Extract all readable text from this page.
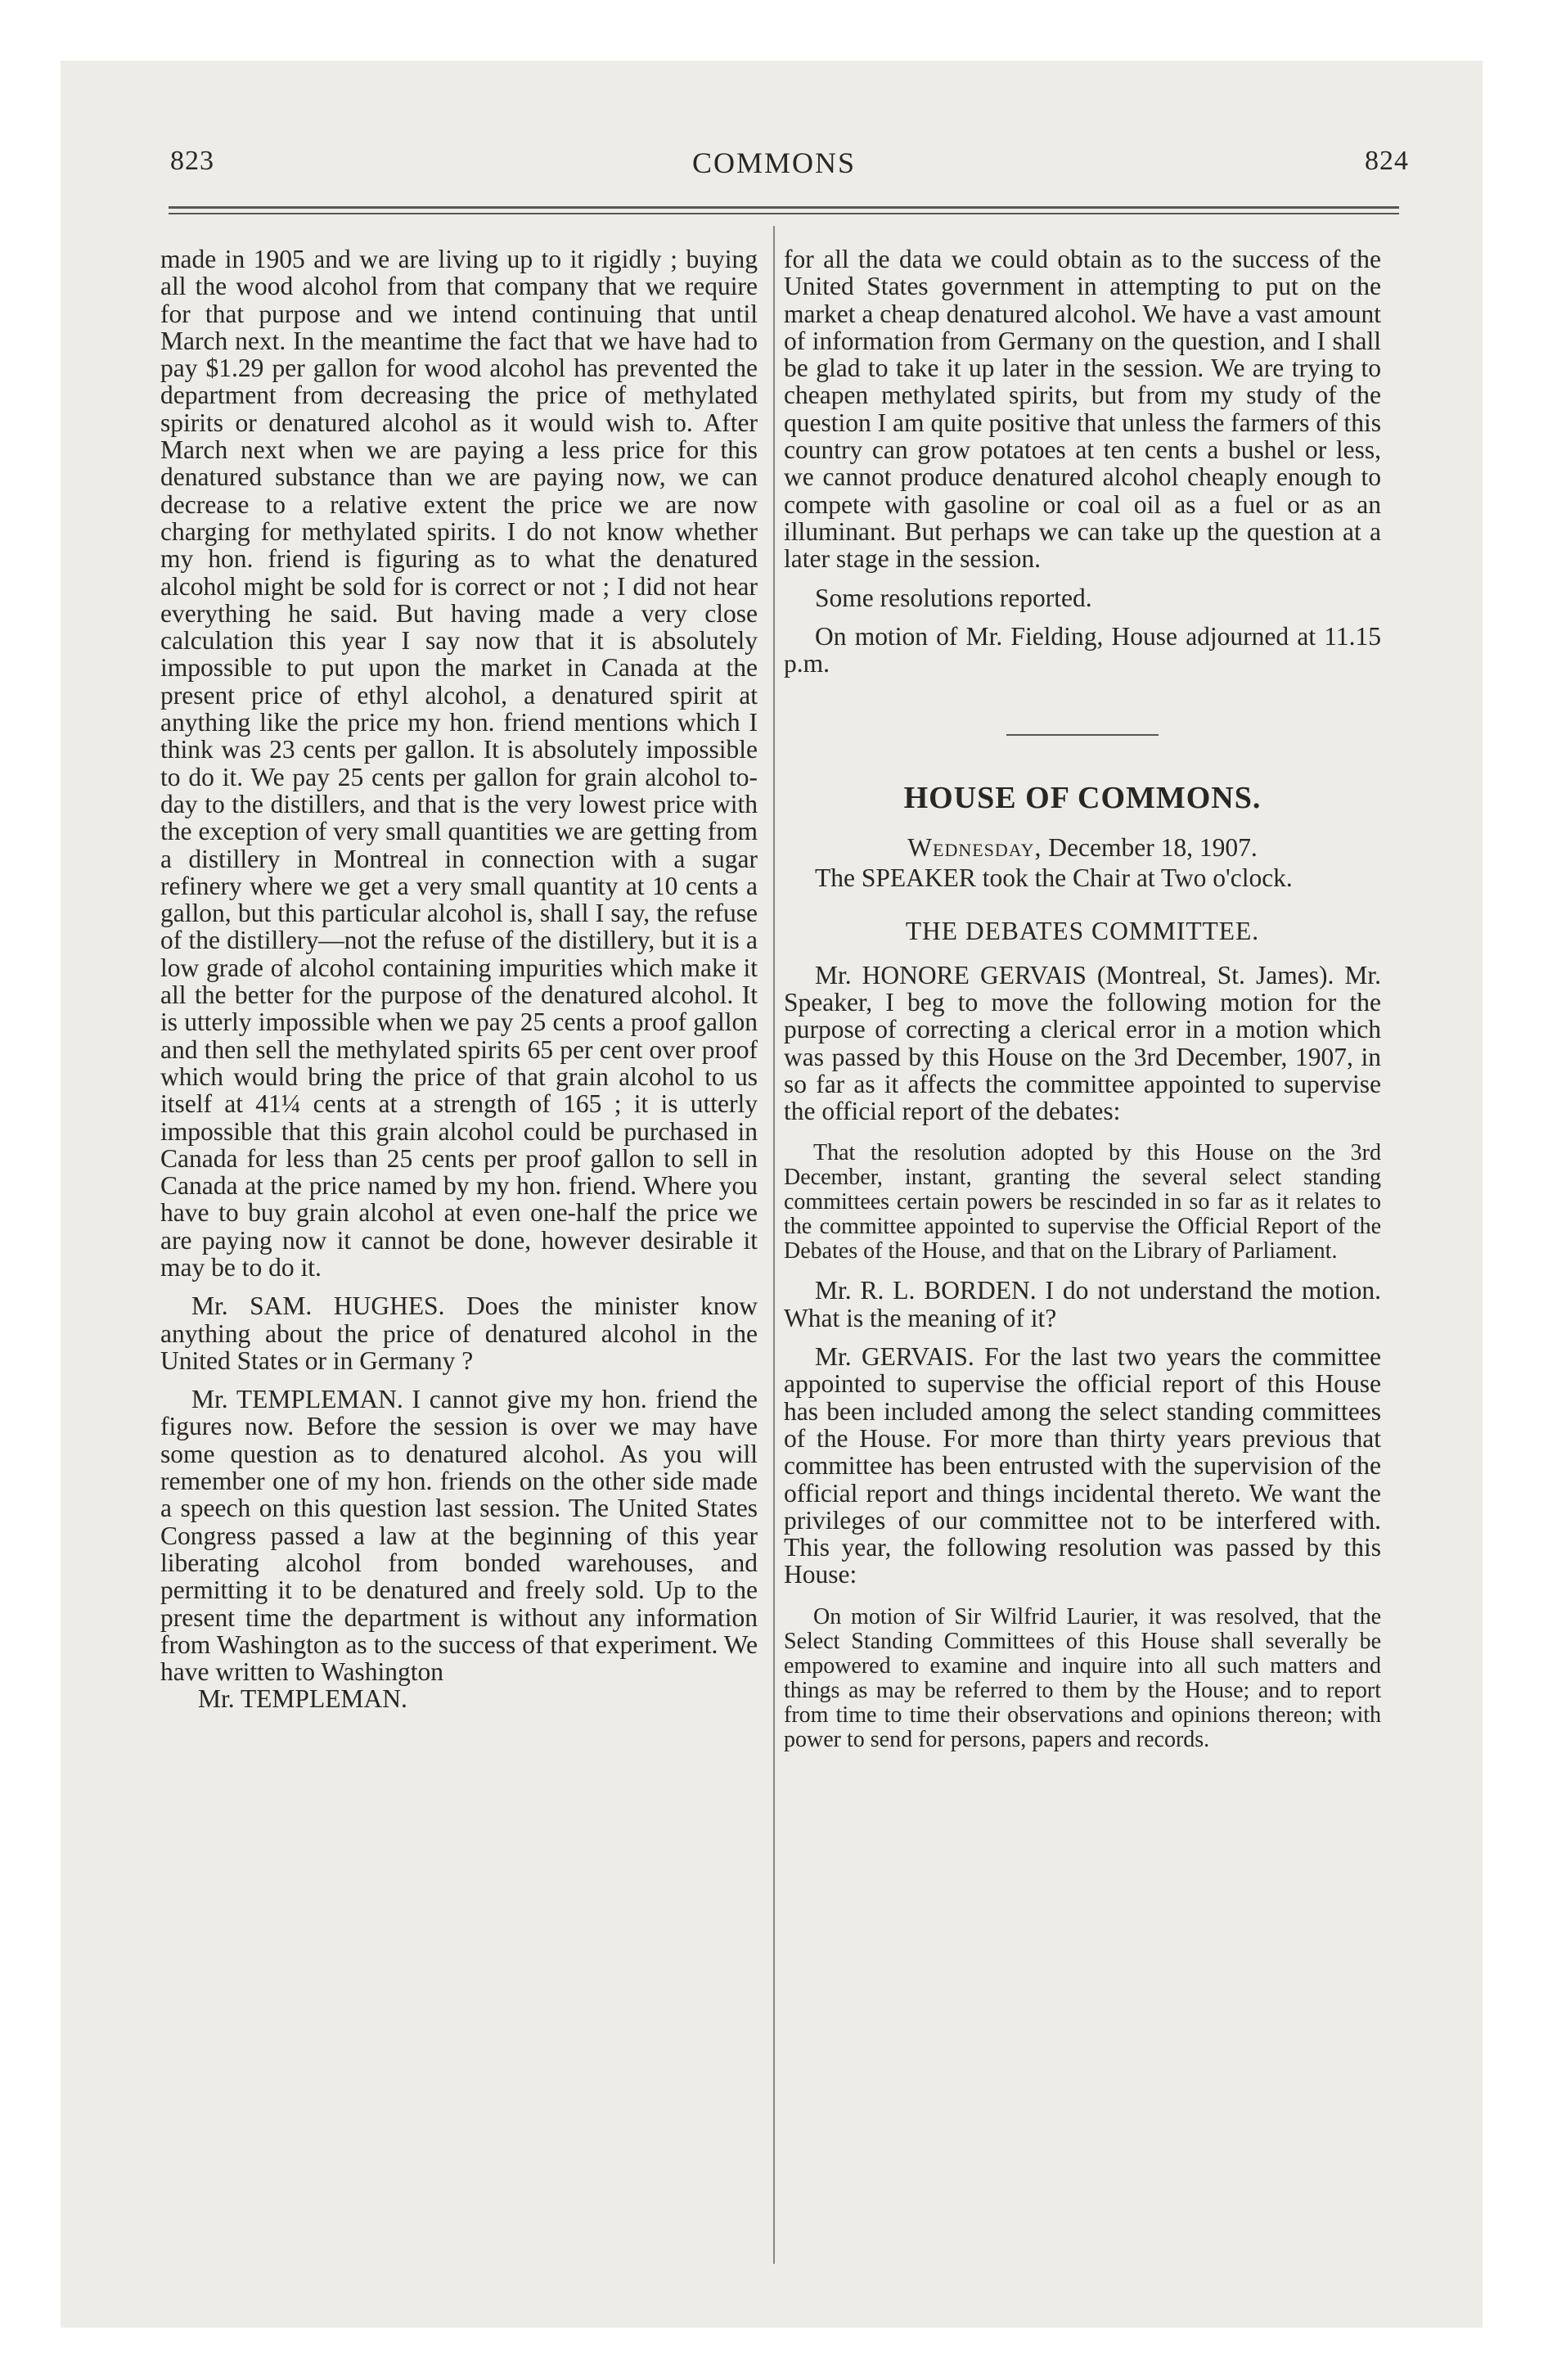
823	COMMONS	824

made in 1905 and we are living up to it rigidly ; buying all the wood alcohol from that company that we require for that purpose and we intend continuing that until March next. In the meantime the fact that we have had to pay $1.29 per gallon for wood alcohol has prevented the department from decreasing the price of methylated spirits or denatured alcohol as it would wish to. After March next when we are paying a less price for this denatured substance than we are paying now, we can decrease to a relative extent the price we are now charging for methylated spirits. I do not know whether my hon. friend is figuring as to what the denatured alcohol might be sold for is correct or not ; I did not hear everything he said. But having made a very close calculation this year I say now that it is absolutely impossible to put upon the market in Canada at the present price of ethyl alcohol, a denatured spirit at anything like the price my hon. friend mentions which I think was 23 cents per gallon. It is absolutely impossible to do it. We pay 25 cents per gallon for grain alcohol to-day to the distillers, and that is the very lowest price with the exception of very small quantities we are getting from a distillery in Montreal in connection with a sugar refinery where we get a very small quantity at 10 cents a gallon, but this particular alcohol is, shall I say, the refuse of the distillery—not the refuse of the distillery, but it is a low grade of alcohol containing impurities which make it all the better for the purpose of the denatured alcohol. It is utterly impossible when we pay 25 cents a proof gallon and then sell the methylated spirits 65 per cent over proof which would bring the price of that grain alcohol to us itself at 41¼ cents at a strength of 165 ; it is utterly impossible that this grain alcohol could be purchased in Canada for less than 25 cents per proof gallon to sell in Canada at the price named by my hon. friend. Where you have to buy grain alcohol at even one-half the price we are paying now it cannot be done, however desirable it may be to do it.

Mr. SAM. HUGHES. Does the minister know anything about the price of denatured alcohol in the United States or in Germany ?

Mr. TEMPLEMAN. I cannot give my hon. friend the figures now. Before the session is over we may have some question as to denatured alcohol. As you will remember one of my hon. friends on the other side made a speech on this question last session. The United States Congress passed a law at the beginning of this year liberating alcohol from bonded warehouses, and permitting it to be denatured and freely sold. Up to the present time the department is without any information from Washington as to the success of that experiment. We have written to Washington

Mr. TEMPLEMAN.

for all the data we could obtain as to the success of the United States government in attempting to put on the market a cheap denatured alcohol. We have a vast amount of information from Germany on the question, and I shall be glad to take it up later in the session. We are trying to cheapen methylated spirits, but from my study of the question I am quite positive that unless the farmers of this country can grow potatoes at ten cents a bushel or less, we cannot produce denatured alcohol cheaply enough to compete with gasoline or coal oil as a fuel or as an illuminant. But perhaps we can take up the question at a later stage in the session.

Some resolutions reported.

On motion of Mr. Fielding, House adjourned at 11.15 p.m.

HOUSE OF COMMONS.
Wednesday, December 18, 1907.

The SPEAKER took the Chair at Two o'clock.

THE DEBATES COMMITTEE.

Mr. HONORE GERVAIS (Montreal, St. James). Mr. Speaker, I beg to move the following motion for the purpose of correcting a clerical error in a motion which was passed by this House on the 3rd December, 1907, in so far as it affects the committee appointed to supervise the official report of the debates:

That the resolution adopted by this House on the 3rd December, instant, granting the several select standing committees certain powers be rescinded in so far as it relates to the committee appointed to supervise the Official Report of the Debates of the House, and that on the Library of Parliament.

Mr. R. L. BORDEN. I do not understand the motion. What is the meaning of it?

Mr. GERVAIS. For the last two years the committee appointed to supervise the official report of this House has been included among the select standing committees of the House. For more than thirty years previous that committee has been entrusted with the supervision of the official report and things incidental thereto. We want the privileges of our committee not to be interfered with. This year, the following resolution was passed by this House:

On motion of Sir Wilfrid Laurier, it was resolved, that the Select Standing Committees of this House shall severally be empowered to examine and inquire into all such matters and things as may be referred to them by the House; and to report from time to time their observations and opinions thereon; with power to send for persons, papers and records.
